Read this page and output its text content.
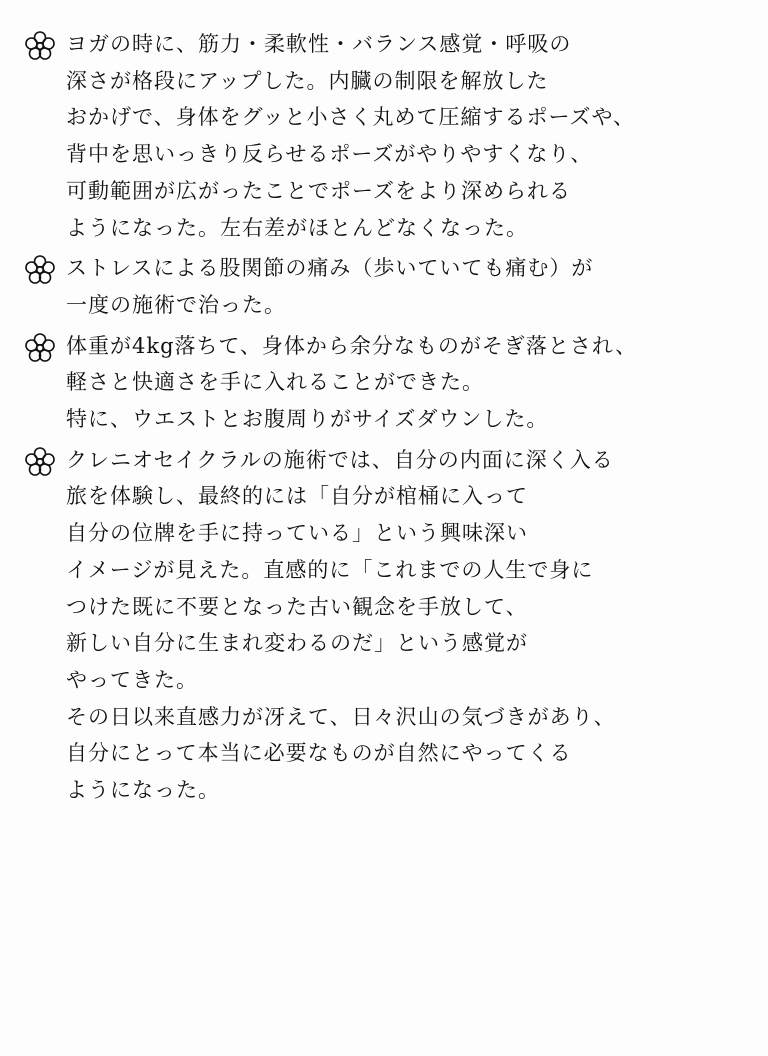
ヨガの時に、筋力・柔軟性・バランス感覚・呼吸の
深さが格段にアップした。内臓の制限を解放した
おかげで、身体をグッと小さく丸めて圧縮するポーズや、
背中を思いっきり反らせるポーズがやりやすくなり、
可動範囲が広がったことでポーズをより深められる
ようになった。左右差がほとんどなくなった。
ストレスによる股関節の痛み（歩いていても痛む）が
一度の施術で治った。
体重が4kg落ちて、身体から余分なものがそぎ落とされ、
軽さと快適さを手に入れることができた。
特に、ウエストとお腹周りがサイズダウンした。
クレニオセイクラルの施術では、自分の内面に深く入る
旅を体験し、最終的には「自分が棺桶に入って
自分の位牌を手に持っている」という興味深い
イメージが見えた。直感的に「これまでの人生で身に
つけた既に不要となった古い観念を手放して、
新しい自分に生まれ変わるのだ」という感覚が
やってきた。
その日以来直感力が冴えて、日々沢山の気づきがあり、
自分にとって本当に必要なものが自然にやってくる
ようになった。
